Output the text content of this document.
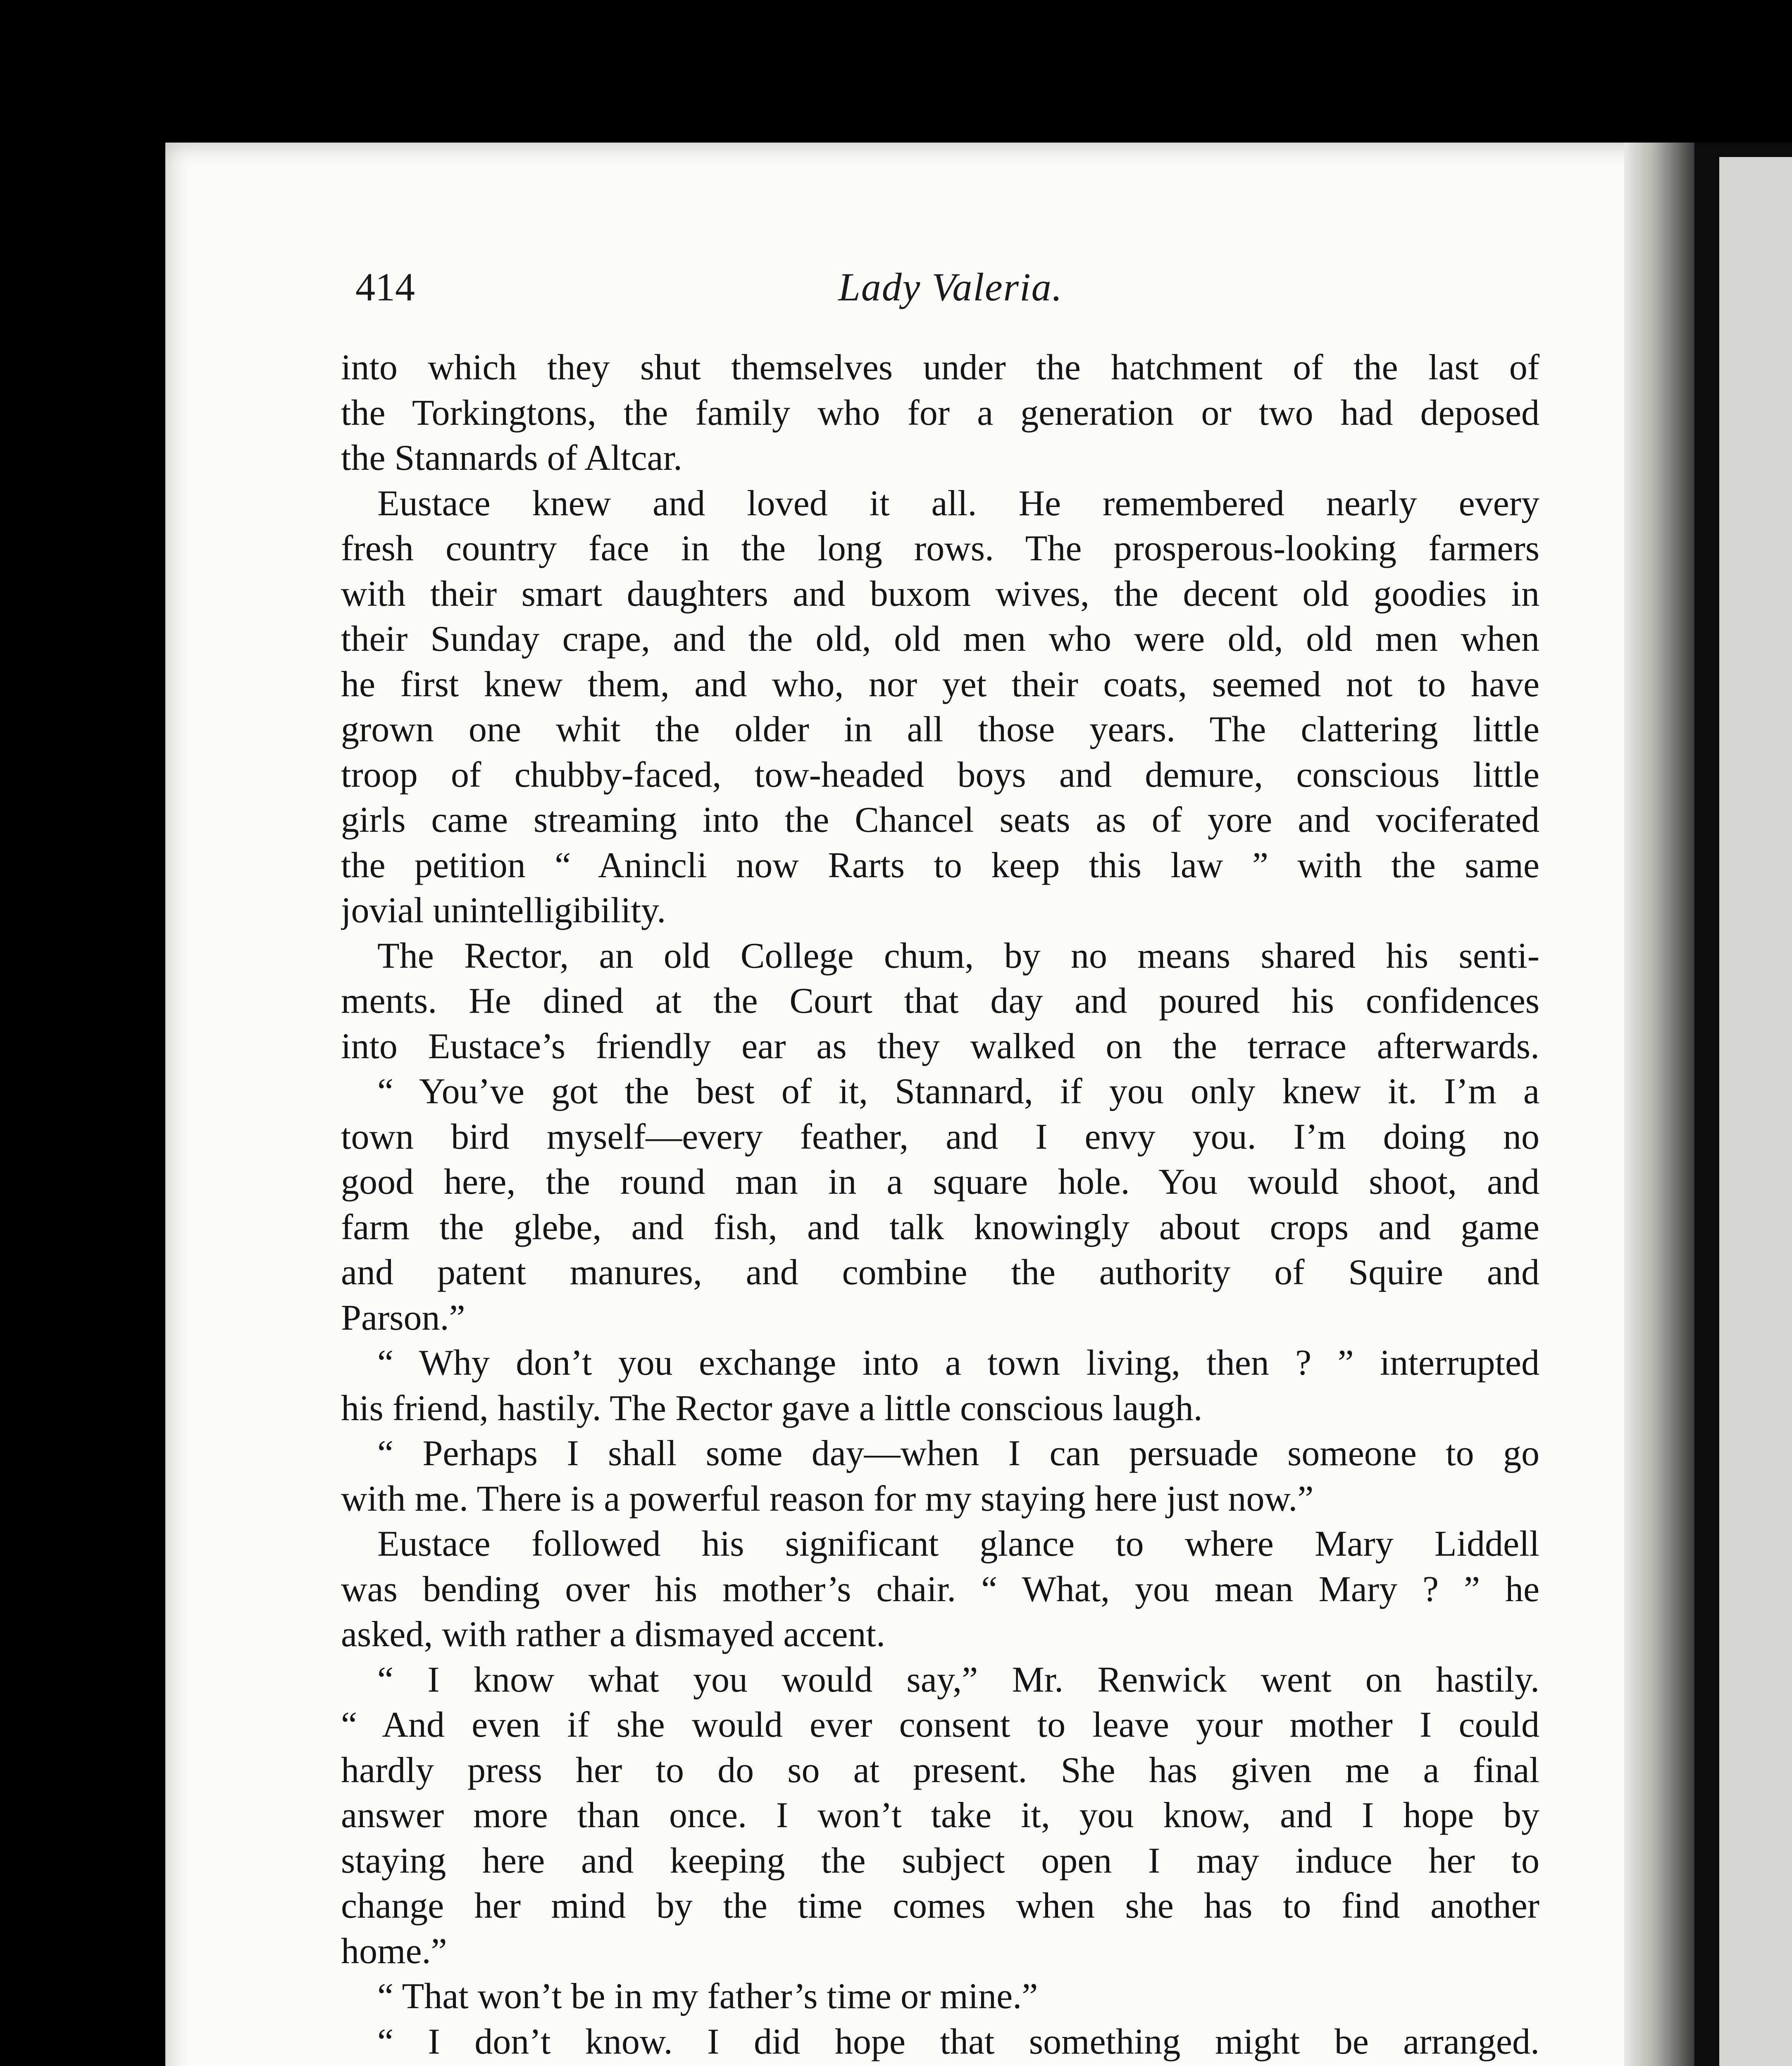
414	Lady Valeria.
into which they shut themselves under the hatchment of the last of
the Torkingtons, the family who for a generation or two had deposed
the Stannards of Altcar.
Eustace knew and loved it all. He remembered nearly every
fresh country face in the long rows. The prosperous-looking farmers
with their smart daughters and buxom wives, the decent old goodies in
their Sunday crape, and the old, old men who were old, old men when
he first knew them, and who, nor yet their coats, seemed not to have
grown one whit the older in all those years. The clattering little
troop of chubby-faced, tow-headed boys and demure, conscious little
girls came streaming into the Chancel seats as of yore and vociferated
the petition “ Anincli now Rarts to keep this law ” with the same
jovial unintelligibility.
The Rector, an old College chum, by no means shared his senti-
ments. He dined at the Court that day and poured his confidences
into Eustace’s friendly ear as they walked on the terrace afterwards.
“ You’ve got the best of it, Stannard, if you only knew it. I’m a
town bird myself—every feather, and I envy you. I’m doing no
good here, the round man in a square hole. You would shoot, and
farm the glebe, and fish, and talk knowingly about crops and game
and patent manures, and combine the authority of Squire and
Parson.”
“ Why don’t you exchange into a town living, then ? ” interrupted
his friend, hastily. The Rector gave a little conscious laugh.
“ Perhaps I shall some day—when I can persuade someone to go
with me. There is a powerful reason for my staying here just now.”
Eustace followed his significant glance to where Mary Liddell
was bending over his mother’s chair. “ What, you mean Mary ? ” he
asked, with rather a dismayed accent.
“ I know what you would say,” Mr. Renwick went on hastily.
“ And even if she would ever consent to leave your mother I could
hardly press her to do so at present. She has given me a final
answer more than once. I won’t take it, you know, and I hope by
staying here and keeping the subject open I may induce her to
change her mind by the time comes when she has to find another
home.”
“ That won’t be in my father’s time or mine.”
“ I don’t know. I did hope that something might be arranged.
